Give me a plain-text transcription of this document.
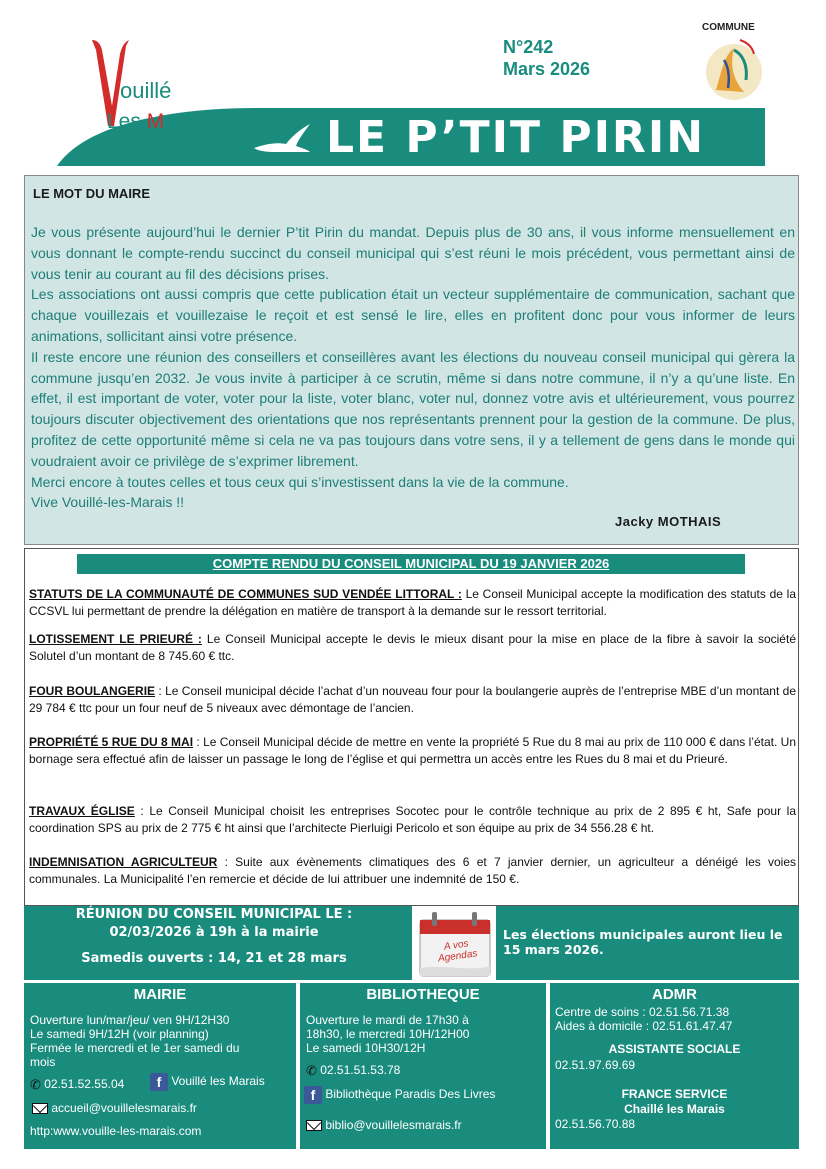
ouillé
Les Marais	LE P’TIT PIRIN
N°242
Mars 2026
COMMUNE
LE MOT DU MAIRE
Je vous présente aujourd’hui le dernier P’tit Pirin du mandat. Depuis plus de 30 ans, il vous informe mensuellement en vous donnant le compte-rendu succinct du conseil municipal qui s’est réuni le mois précédent, vous permettant ainsi de vous tenir au courant au fil des décisions prises.
Les associations ont aussi compris que cette publication était un vecteur supplémentaire de communication, sachant que chaque vouillezais et vouillezaise le reçoit et est sensé le lire, elles en profitent donc pour vous informer de leurs animations, sollicitant ainsi votre présence.
Il reste encore une réunion des conseillers et conseillères avant les élections du nouveau conseil municipal qui gèrera la commune jusqu’en 2032. Je vous invite à participer à ce scrutin, même si dans notre commune, il n’y a qu’une liste. En effet, il est important de voter, voter pour la liste, voter blanc, voter nul, donnez votre avis et ultérieurement, vous pourrez toujours discuter objectivement des orientations que nos représentants prennent pour la gestion de la commune. De plus, profitez de cette opportunité même si cela ne va pas toujours dans votre sens, il y a tellement de gens dans le monde qui voudraient avoir ce privilège de s’exprimer librement.
Merci encore à toutes celles et tous ceux qui s’investissent dans la vie de la commune.
Vive Vouillé-les-Marais !!
Jacky MOTHAIS
COMPTE RENDU DU CONSEIL MUNICIPAL DU 19 JANVIER 2026
STATUTS DE LA COMMUNAUTÉ DE COMMUNES SUD VENDÉE LITTORAL : Le Conseil Municipal accepte la modification des statuts de la CCSVL lui permettant de prendre la délégation en matière de transport à la demande sur le ressort territorial.
LOTISSEMENT LE PRIEURÉ : Le Conseil Municipal accepte le devis le mieux disant pour la mise en place de la fibre à savoir la société Solutel d’un montant de 8 745.60 € ttc.
FOUR BOULANGERIE : Le Conseil municipal décide l’achat d’un nouveau four pour la boulangerie auprès de l’entreprise MBE d’un montant de 29 784 € ttc pour un four neuf de 5 niveaux avec démontage de l’ancien.
PROPRIÉTÉ 5 RUE DU 8 MAI : Le Conseil Municipal décide de mettre en vente la propriété 5 Rue du 8 mai au prix de 110 000 € dans l’état. Un bornage sera effectué afin de laisser un passage le long de l’église et qui permettra un accès entre les Rues du 8 mai et du Prieuré.
TRAVAUX ÉGLISE : Le Conseil Municipal choisit les entreprises Socotec pour le contrôle technique au prix de 2 895 € ht, Safe pour la coordination SPS au prix de 2 775 € ht ainsi que l’architecte Pierluigi Pericolo et son équipe au prix de 34 556.28 € ht.
INDEMNISATION AGRICULTEUR : Suite aux évènements climatiques des 6 et 7 janvier dernier, un agriculteur a dénéigé les voies communales. La Municipalité l’en remercie et décide de lui attribuer une indemnité de 150 €.
RÉUNION DU CONSEIL MUNICIPAL LE :
02/03/2026 à 19h à la mairie
Samedis ouverts : 14, 21 et 28 mars
A vos Agendas
Les élections municipales auront lieu le 15 mars 2026.
MAIRIE
Ouverture lun/mar/jeu/ ven 9H/12H30
Le samedi 9H/12H (voir planning)
Fermée le mercredi et le 1er samedi du
mois
✆ 02.51.52.55.04	f Vouillé les Marais
accueil@vouillelesmarais.fr
http:www.vouille-les-marais.com
BIBLIOTHEQUE
Ouverture le mardi de 17h30 à
18h30, le mercredi 10H/12H00
Le samedi 10H30/12H
✆ 02.51.51.53.78
f Bibliothèque Paradis Des Livres
biblio@vouillelesmarais.fr
ADMR
Centre de soins : 02.51.56.71.38
Aides à domicile : 02.51.61.47.47
ASSISTANTE SOCIALE
02.51.97.69.69
FRANCE SERVICE
Chaillé les Marais
02.51.56.70.88
